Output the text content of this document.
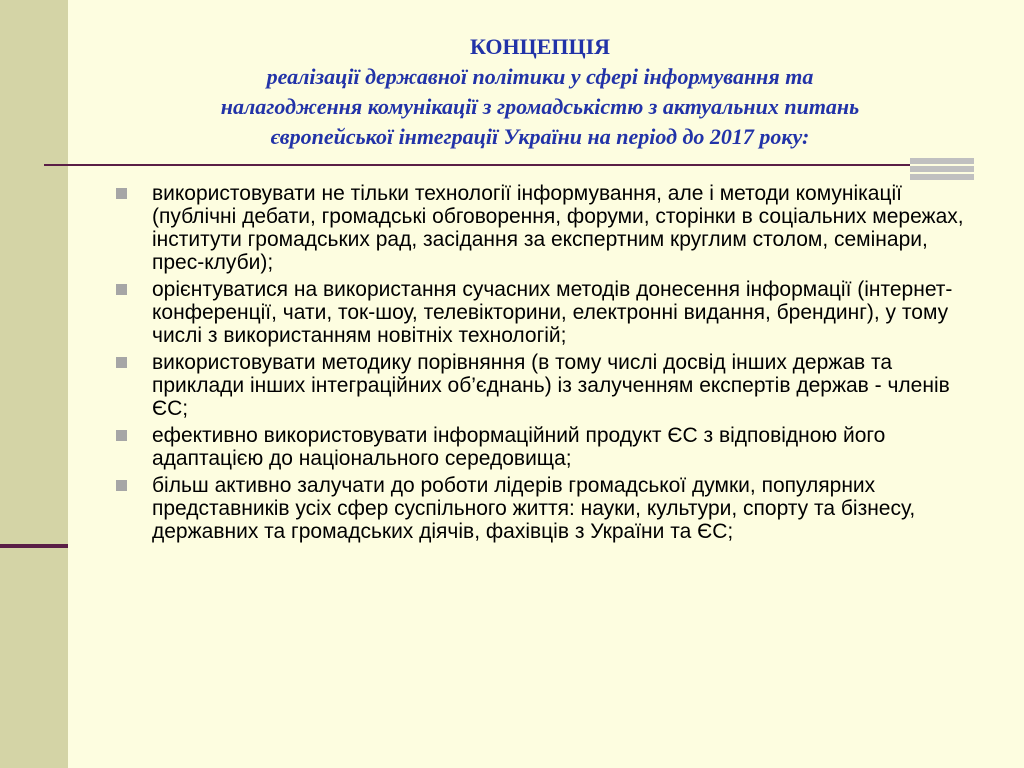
КОНЦЕПЦІЯ
реалізації державної політики у сфері інформування та
налагодження комунікації з громадськістю з актуальних питань
європейської інтеграції України на період до 2017 року:
використовувати не тільки технології інформування, але і методи комунікації (публічні дебати, громадські обговорення, форуми, сторінки в соціальних мережах, інститути громадських рад, засідання за експертним круглим столом, семінари, прес-клуби);
орієнтуватися на використання сучасних методів донесення інформації (інтернет-конференції, чати, ток-шоу, телевікторини, електронні видання, брендинг), у тому числі з використанням новітніх технологій;
використовувати методику порівняння (в тому числі досвід інших держав та приклади інших інтеграційних об’єднань) із залученням експертів держав - членів ЄС;
ефективно використовувати інформаційний продукт ЄС з відповідною його адаптацією до національного середовища;
більш активно залучати до роботи лідерів громадської думки, популярних представників усіх сфер суспільного життя: науки, культури, спорту та бізнесу, державних та громадських діячів, фахівців з України та ЄС;
